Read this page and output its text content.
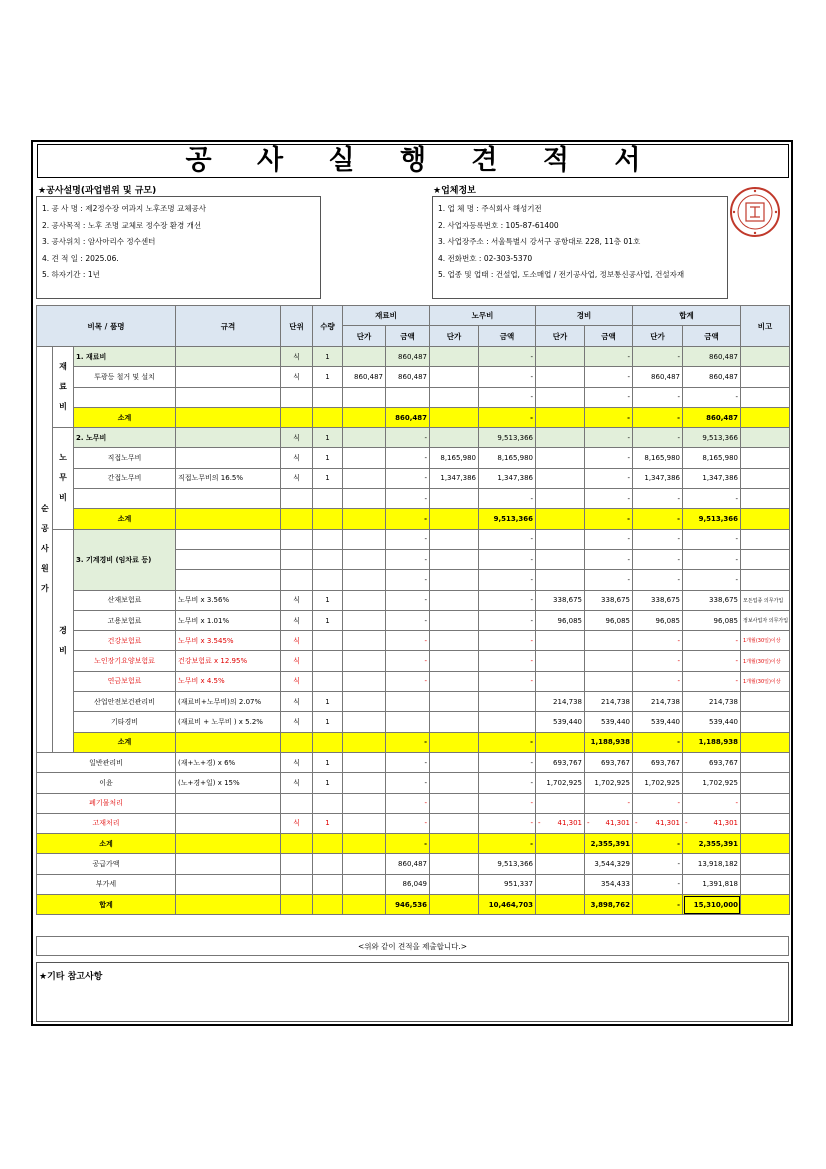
공 사 실 행 견 적 서
★공사설명(과업범위 및 규모)	★업체정보
1. 공 사 명 : 제2정수장 여과지 노후조명 교체공사
2. 공사목적 : 노후 조명 교체로 정수장 환경 개선
3. 공사위치 : 암사아리수 정수센터
4. 견 적 일 : 2025.06.
5. 하자기간 : 1년
1. 업 체 명 : 주식회사 해성기전
2. 사업자등록번호 : 105-87-61400
3. 사업장주소 : 서울특별시 강서구 공항대로 228, 11층 01호
4. 전화번호 : 02-303-5370
5. 업종 및 업태 : 건설업, 도소매업 / 전기공사업, 정보통신공사업, 건설자재
비목 / 품명			규격	단위	수량	재료비		노무비		경비		합계		비고
						단가	금액	단가	금액	단가	금액	단가	금액	
순 공 사 원 가	재 료 비	1. 재료비		식	1		860,487		-		-	-	860,487	
		투광등 철거 및 설치		식	1	860,487	860,487		-		-	860,487	860,487	
									-		-	-	-	
		소계					860,487		-		-	-	860,487	
	노 무 비	2. 노무비		식	1		-		9,513,366		-	-	9,513,366	
		직접노무비		식	1		-	8,165,980	8,165,980		-	8,165,980	8,165,980	
		간접노무비	직접노무비의 16.5%	식	1		-	1,347,386	1,347,386		-	1,347,386	1,347,386	
							-		-		-	-	-	
		소계					-		9,513,366		-	-	9,513,366	
	경 비	3. 기계경비 (임차료 등)					-		-		-	-	-	
							-		-		-	-	-	
							-		-		-	-	-	
		산재보험료	노무비 x 3.56%	식	1		-		-	338,675	338,675	338,675	338,675	모든업종 의무가입
		고용보험료	노무비 x 1.01%	식	1		-		-	96,085	96,085	96,085	96,085	정보사업자 의무가입
		건강보험료	노무비 x 3.545%	식			-		-			-	-	1개월(30일)이상
		노인장기요양보험료	건강보험료 x 12.95%	식			-		-			-	-	1개월(30일)이상
		연금보험료	노무비 x 4.5%	식			-		-			-	-	1개월(30일)이상
		산업안전보건관리비	(재료비+노무비)의 2.07%	식	1					214,738	214,738	214,738	214,738	
		기타경비	(재료비 + 노무비 ) x 5.2%	식	1					539,440	539,440	539,440	539,440	
		소계					-		-		1,188,938	-	1,188,938	
일반관리비			(재+노+경) x 6%	식	1		-		-	693,767	693,767	693,767	693,767	
이윤			(노+경+일) x 15%	식	1		-		-	1,702,925	1,702,925	1,702,925	1,702,925	
폐기물처리							-		-		-	-	-	
고재처리				식	1		-		-	- 41,301	- 41,301	- 41,301	- 41,301	

소계							-		-		2,355,391	-	2,355,391	
공급가액							860,487		9,513,366		3,544,329	-	13,918,182	
부가세							86,049		951,337		354,433	-	1,391,818	
합계							946,536		10,464,703		3,898,762	-	15,310,000	
<위와 같이 견적을 제출합니다.>
★기타 참고사항
